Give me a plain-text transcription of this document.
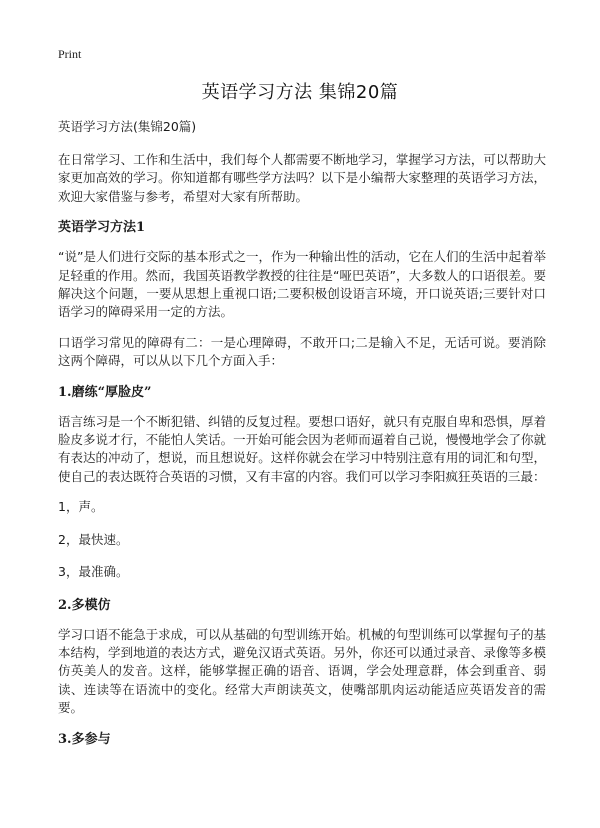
Print
英语学习方法 集锦20篇
英语学习方法(集锦20篇)

在日常学习、工作和生活中，我们每个人都需要不断地学习，掌握学习方法，可以帮助大家更加高效的学习。你知道都有哪些学方法吗？以下是小编帮大家整理的英语学习方法，欢迎大家借鉴与参考，希望对大家有所帮助。

英语学习方法1

“说”是人们进行交际的基本形式之一，作为一种输出性的活动，它在人们的生活中起着举足轻重的作用。然而，我国英语教学教授的往往是“哑巴英语”，大多数人的口语很差。要解决这个问题，一要从思想上重视口语;二要积极创设语言环境，开口说英语;三要针对口语学习的障碍采用一定的方法。

口语学习常见的障碍有二：一是心理障碍，不敢开口;二是输入不足，无话可说。要消除这两个障碍，可以从以下几个方面入手：

1.磨练“厚脸皮”

语言练习是一个不断犯错、纠错的反复过程。要想口语好，就只有克服自卑和恐惧，厚着脸皮多说才行，不能怕人笑话。一开始可能会因为老师而逼着自己说，慢慢地学会了你就有表达的冲动了，想说，而且想说好。这样你就会在学习中特别注意有用的词汇和句型，使自己的表达既符合英语的习惯，又有丰富的内容。我们可以学习李阳疯狂英语的三最：

1，声。
2，最快速。
3，最准确。
2.多模仿

学习口语不能急于求成，可以从基础的句型训练开始。机械的句型训练可以掌握句子的基本结构，学到地道的表达方式，避免汉语式英语。另外，你还可以通过录音、录像等多模仿英美人的发音。这样，能够掌握正确的语音、语调，学会处理意群，体会到重音、弱读、连读等在语流中的变化。经常大声朗读英文，使嘴部肌肉运动能适应英语发音的需要。

3.多参与
